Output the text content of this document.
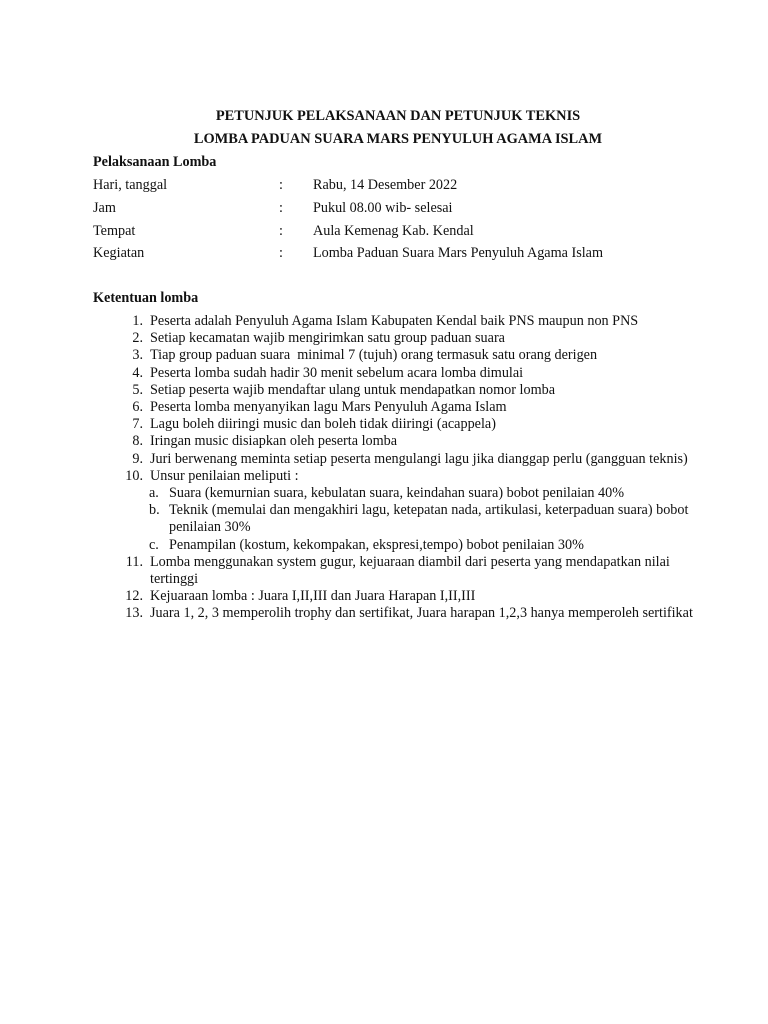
PETUNJUK PELAKSANAAN DAN PETUNJUK TEKNIS
LOMBA PADUAN SUARA MARS PENYULUH AGAMA ISLAM
Pelaksanaan Lomba
Hari, tanggal	: Rabu, 14 Desember 2022
Jam	: Pukul 08.00 wib- selesai
Tempat	: Aula Kemenag Kab. Kendal
Kegiatan	: Lomba Paduan Suara Mars Penyuluh Agama Islam
Ketentuan lomba
1. Peserta adalah Penyuluh Agama Islam Kabupaten Kendal baik PNS maupun non PNS
2. Setiap kecamatan wajib mengirimkan satu group paduan suara
3. Tiap group paduan suara  minimal 7 (tujuh) orang termasuk satu orang derigen
4. Peserta lomba sudah hadir 30 menit sebelum acara lomba dimulai
5. Setiap peserta wajib mendaftar ulang untuk mendapatkan nomor lomba
6. Peserta lomba menyanyikan lagu Mars Penyuluh Agama Islam
7. Lagu boleh diiringi music dan boleh tidak diiringi (acappela)
8. Iringan music disiapkan oleh peserta lomba
9. Juri berwenang meminta setiap peserta mengulangi lagu jika dianggap perlu (gangguan teknis)
10. Unsur penilaian meliputi :
a. Suara (kemurnian suara, kebulatan suara, keindahan suara) bobot penilaian 40%
b. Teknik (memulai dan mengakhiri lagu, ketepatan nada, artikulasi, keterpaduan suara) bobot penilaian 30%
c. Penampilan (kostum, kekompakan, ekspresi,tempo) bobot penilaian 30%
11. Lomba menggunakan system gugur, kejuaraan diambil dari peserta yang mendapatkan nilai tertinggi
12. Kejuaraan lomba : Juara I,II,III dan Juara Harapan I,II,III
13. Juara 1, 2, 3 memperolih trophy dan sertifikat, Juara harapan 1,2,3 hanya memperoleh sertifikat
